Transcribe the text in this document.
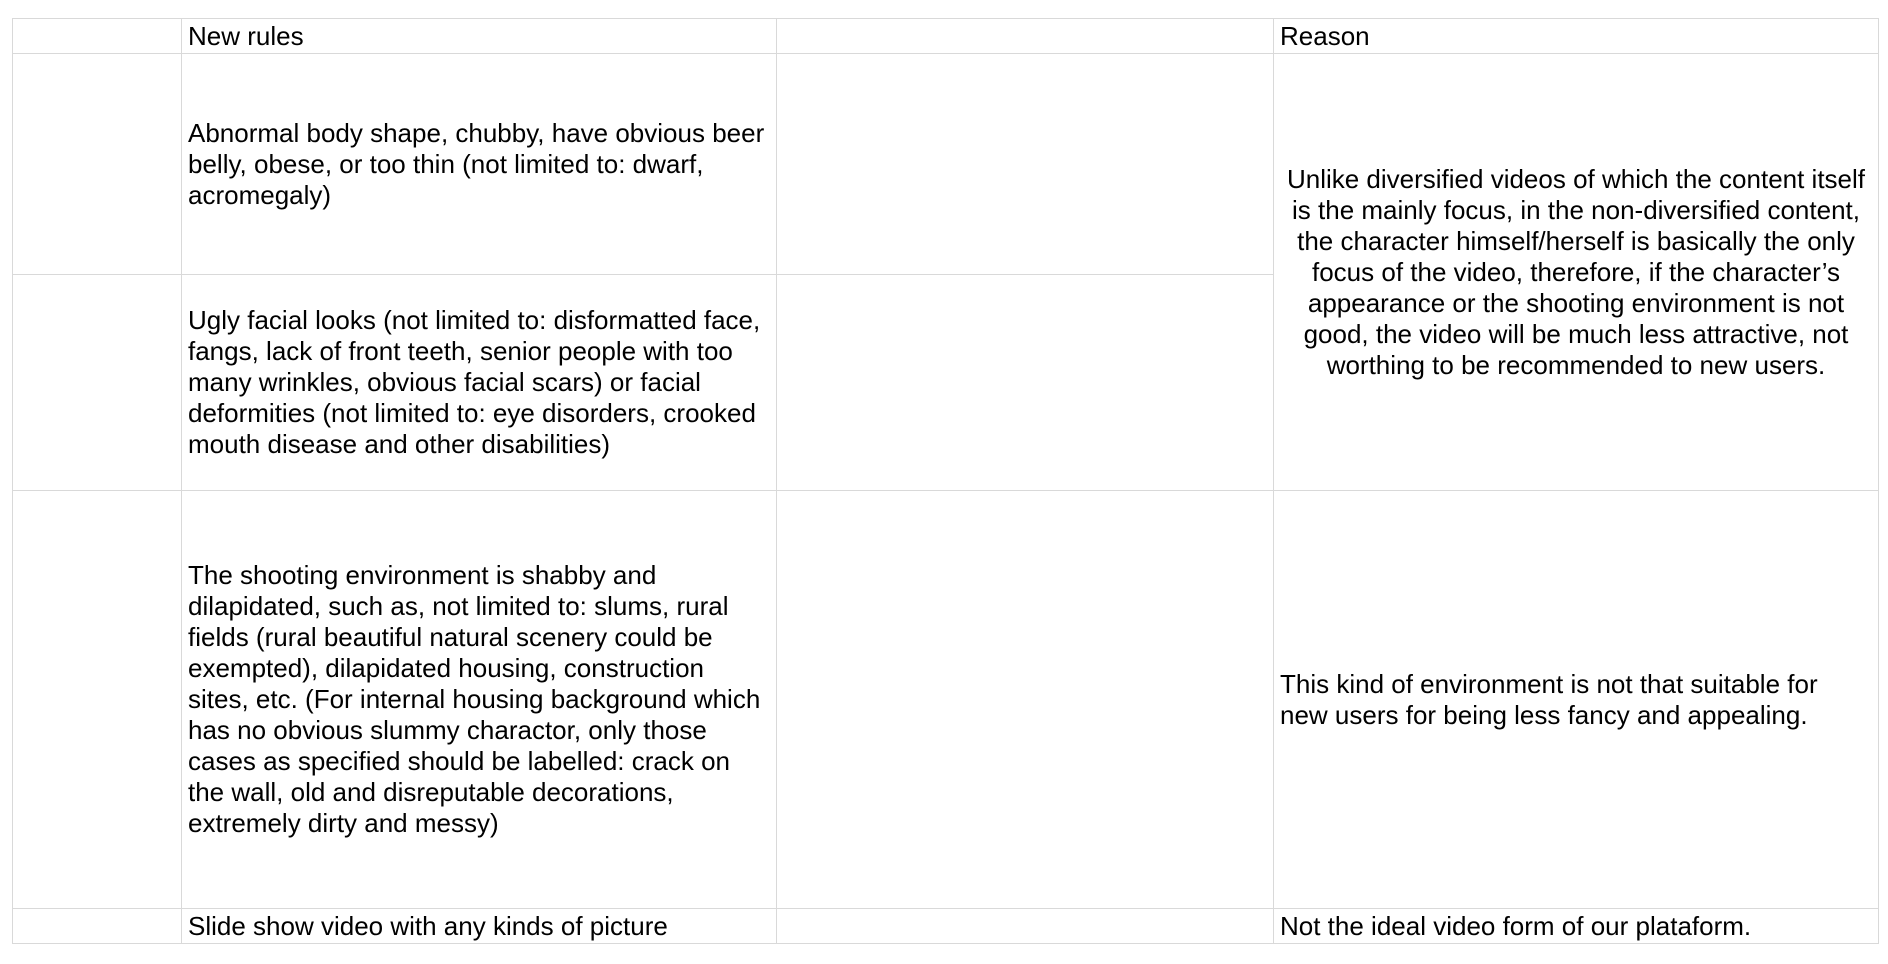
	New rules		Reason
	Abnormal body shape, chubby, have obvious beer belly, obese, or too thin (not limited to: dwarf, acromegaly)		Unlike diversified videos of which the content itself is the mainly focus, in the non-diversified content, the character himself/herself is basically the only focus of the video, therefore, if the character’s appearance or the shooting environment is not good, the video will be much less attractive, not worthing to be recommended to new users.
	Ugly facial looks (not limited to: disformatted face, fangs, lack of front teeth, senior people with too many wrinkles, obvious facial scars) or facial deformities (not limited to: eye disorders, crooked mouth disease and other disabilities)		
	The shooting environment is shabby and dilapidated, such as, not limited to: slums, rural fields (rural beautiful natural scenery could be exempted), dilapidated housing, construction sites, etc. (For internal housing background which has no obvious slummy charactor, only those cases as specified should be labelled: crack on the wall, old and disreputable decorations, extremely dirty and messy)		This kind of environment is not that suitable for new users for being less fancy and appealing.
	Slide show video with any kinds of picture		Not the ideal video form of our plataform.
